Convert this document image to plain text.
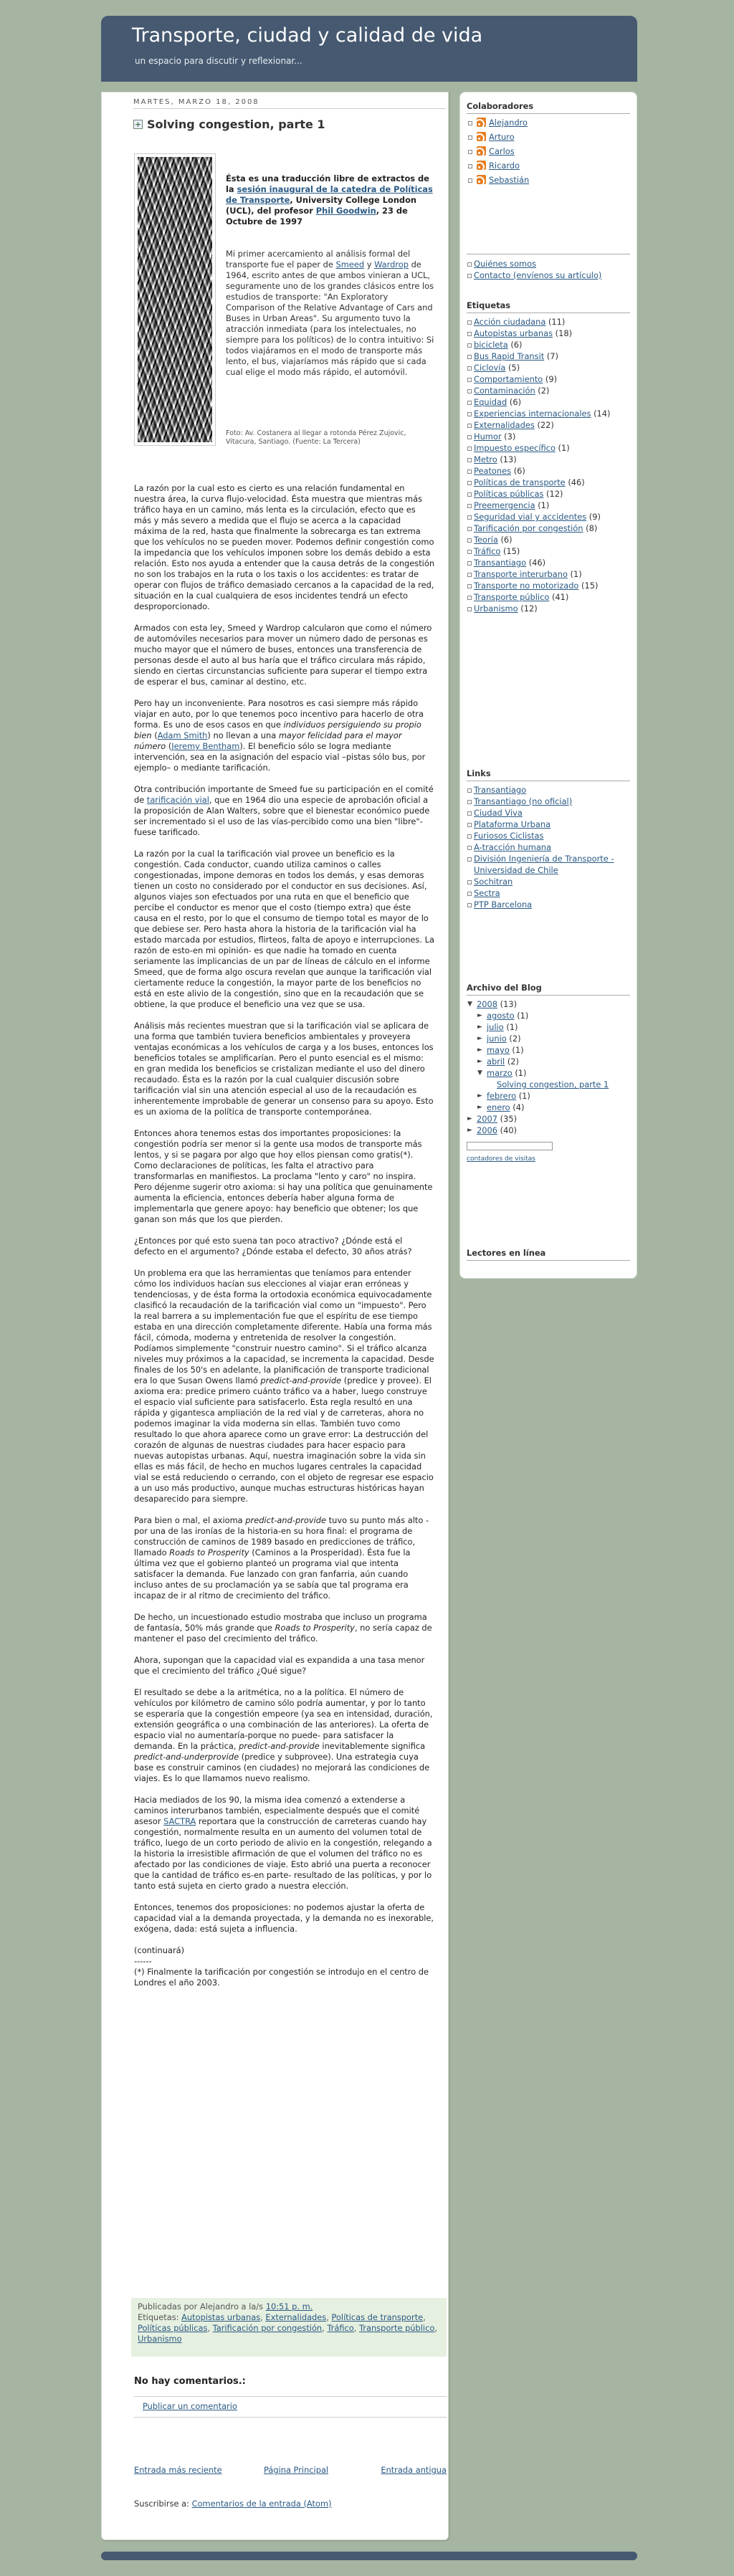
Transporte, ciudad y calidad de vida
un espacio para discutir y reflexionar...
MARTES, MARZO 18, 2008
+ Solving congestion, parte 1
Ésta es una traducción libre de extractos de la sesión inaugural de la catedra de Políticas de Transporte, University College London (UCL), del profesor Phil Goodwin, 23 de Octubre de 1997
Mi primer acercamiento al análisis formal del transporte fue el paper de Smeed y Wardrop de 1964, escrito antes de que ambos vinieran a UCL, seguramente uno de los grandes clásicos entre los estudios de transporte: "An Exploratory Comparison of the Relative Advantage of Cars and Buses in Urban Areas". Su argumento tuvo la atracción inmediata (para los intelectuales, no siempre para los políticos) de lo contra intuitivo: Si todos viajáramos en el modo de transporte más lento, el bus, viajaríamos más rápido que si cada cual elige el modo más rápido, el automóvil.
Foto: Av. Costanera al llegar a rotonda Pérez Zujovic, Vitacura, Santiago. (Fuente: La Tercera)

La razón por la cual esto es cierto es una relación fundamental en nuestra área, la curva flujo-velocidad. Ésta muestra que mientras más tráfico haya en un camino, más lenta es la circulación, efecto que es más y más severo a medida que el flujo se acerca a la capacidad máxima de la red, hasta que finalmente la sobrecarga es tan extrema que los vehículos no se pueden mover. Podemos definir congestión como la impedancia que los vehículos imponen sobre los demás debido a esta relación. Esto nos ayuda a entender que la causa detrás de la congestión no son los trabajos en la ruta o los taxis o los accidentes: es tratar de operar con flujos de tráfico demasiado cercanos a la capacidad de la red, situación en la cual cualquiera de esos incidentes tendrá un efecto desproporcionado.

Armados con esta ley, Smeed y Wardrop calcularon que como el número de automóviles necesarios para mover un número dado de personas es mucho mayor que el número de buses, entonces una transferencia de personas desde el auto al bus haría que el tráfico circulara más rápido, siendo en ciertas circunstancias suficiente para superar el tiempo extra de esperar el bus, caminar al destino, etc.

Pero hay un inconveniente. Para nosotros es casi siempre más rápido viajar en auto, por lo que tenemos poco incentivo para hacerlo de otra forma. Es uno de esos casos en que individuos persiguiendo su propio bien (Adam Smith) no llevan a una mayor felicidad para el mayor número (Jeremy Bentham). El beneficio sólo se logra mediante intervención, sea en la asignación del espacio vial –pistas sólo bus, por ejemplo– o mediante tarificación.

Otra contribución importante de Smeed fue su participación en el comité de tarificación vial, que en 1964 dio una especie de aprobación oficial a la proposición de Alan Walters, sobre que el bienestar económico puede ser incrementado si el uso de las vías-percibido como una bien "libre"-fuese tarificado.

La razón por la cual la tarificación vial provee un beneficio es la congestión. Cada conductor, cuando utiliza caminos o calles congestionadas, impone demoras en todos los demás, y esas demoras tienen un costo no considerado por el conductor en sus decisiones. Así, algunos viajes son efectuados por una ruta en que el beneficio que percibe el conductor es menor que el costo (tiempo extra) que éste causa en el resto, por lo que el consumo de tiempo total es mayor de lo que debiese ser. Pero hasta ahora la historia de la tarificación vial ha estado marcada por estudios, flirteos, falta de apoyo e interrupciones. La razón de esto-en mi opinión- es que nadie ha tomado en cuenta seriamente las implicancias de un par de líneas de cálculo en el informe Smeed, que de forma algo oscura revelan que aunque la tarificación vial ciertamente reduce la congestión, la mayor parte de los beneficios no está en este alivio de la congestión, sino que en la recaudación que se obtiene, la que produce el beneficio una vez que se usa.

Análisis más recientes muestran que si la tarificación vial se aplicara de una forma que también tuviera beneficios ambientales y proveyera ventajas económicas a los vehículos de carga y a los buses, entonces los beneficios totales se amplificarían. Pero el punto esencial es el mismo: en gran medida los beneficios se cristalizan mediante el uso del dinero recaudado. Ésta es la razón por la cual cualquier discusión sobre tarificación vial sin una atención especial al uso de la recaudación es inherentemente improbable de generar un consenso para su apoyo. Esto es un axioma de la política de transporte contemporánea.

Entonces ahora tenemos estas dos importantes proposiciones: la congestión podría ser menor si la gente usa modos de transporte más lentos, y si se pagara por algo que hoy ellos piensan como gratis(*). Como declaraciones de políticas, les falta el atractivo para transformarlas en manifiestos. La proclama "lento y caro" no inspira. Pero déjenme sugerir otro axioma: si hay una política que genuinamente aumenta la eficiencia, entonces debería haber alguna forma de implementarla que genere apoyo: hay beneficio que obtener; los que ganan son más que los que pierden.

¿Entonces por qué esto suena tan poco atractivo? ¿Dónde está el defecto en el argumento? ¿Dónde estaba el defecto, 30 años atrás?

Un problema era que las herramientas que teníamos para entender cómo los individuos hacían sus elecciones al viajar eran erróneas y tendenciosas, y de ésta forma la ortodoxia económica equivocadamente clasificó la recaudación de la tarificación vial como un "impuesto". Pero la real barrera a su implementación fue que el espíritu de ese tiempo estaba en una dirección completamente diferente. Había una forma más fácil, cómoda, moderna y entretenida de resolver la congestión. Podíamos simplemente "construir nuestro camino". Si el tráfico alcanza niveles muy próximos a la capacidad, se incrementa la capacidad. Desde finales de los 50's en adelante, la planificación de transporte tradicional era lo que Susan Owens llamó predict-and-provide (predice y provee). El axioma era: predice primero cuánto tráfico va a haber, luego construye el espacio vial suficiente para satisfacerlo. Esta regla resultó en una rápida y gigantesca ampliación de la red vial y de carreteras, ahora no podemos imaginar la vida moderna sin ellas. También tuvo como resultado lo que ahora aparece como un grave error: La destrucción del corazón de algunas de nuestras ciudades para hacer espacio para nuevas autopistas urbanas. Aquí, nuestra imaginación sobre la vida sin ellas es más fácil, de hecho en muchos lugares centrales la capacidad vial se está reduciendo o cerrando, con el objeto de regresar ese espacio a un uso más productivo, aunque muchas estructuras históricas hayan desaparecido para siempre.

Para bien o mal, el axioma predict-and-provide tuvo su punto más alto -por una de las ironías de la historia-en su hora final: el programa de construcción de caminos de 1989 basado en predicciones de tráfico, llamado Roads to Prosperity (Caminos a la Prosperidad). Ésta fue la última vez que el gobierno planteó un programa vial que intenta satisfacer la demanda. Fue lanzado con gran fanfarria, aún cuando incluso antes de su proclamación ya se sabía que tal programa era incapaz de ir al ritmo de crecimiento del tráfico.

De hecho, un incuestionado estudio mostraba que incluso un programa de fantasía, 50% más grande que Roads to Prosperity, no sería capaz de mantener el paso del crecimiento del tráfico.

Ahora, supongan que la capacidad vial es expandida a una tasa menor que el crecimiento del tráfico ¿Qué sigue?

El resultado se debe a la aritmética, no a la política. El número de vehículos por kilómetro de camino sólo podría aumentar, y por lo tanto se esperaría que la congestión empeore (ya sea en intensidad, duración, extensión geográfica o una combinación de las anteriores). La oferta de espacio vial no aumentaría-porque no puede- para satisfacer la demanda. En la práctica, predict-and-provide inevitablemente significa predict-and-underprovide (predice y subprovee). Una estrategia cuya base es construir caminos (en ciudades) no mejorará las condiciones de viajes. Es lo que llamamos nuevo realismo.

Hacia mediados de los 90, la misma idea comenzó a extenderse a caminos interurbanos también, especialmente después que el comité asesor SACTRA reportara que la construcción de carreteras cuando hay congestión, normalmente resulta en un aumento del volumen total de tráfico, luego de un corto periodo de alivio en la congestión, relegando a la historia la irresistible afirmación de que el volumen del tráfico no es afectado por las condiciones de viaje. Esto abrió una puerta a reconocer que la cantidad de tráfico es-en parte- resultado de las políticas, y por lo tanto está sujeta en cierto grado a nuestra elección.

Entonces, tenemos dos proposiciones: no podemos ajustar la oferta de capacidad vial a la demanda proyectada, y la demanda no es inexorable, exógena, dada: está sujeta a influencia.

(continuará)
------
(*) Finalmente la tarificación por congestión se introdujo en el centro de Londres el año 2003.

Publicadas por Alejandro a la/s 10:51 p. m.
Etiquetas: Autopistas urbanas, Externalidades, Políticas de transporte, Políticas públicas, Tarificación por congestión, Tráfico, Transporte público, Urbanismo
No hay comentarios.:
Publicar un comentario
Entrada más reciente	Página Principal	Entrada antigua
Suscribirse a: Comentarios de la entrada (Atom)
Colaboradores
Alejandro
Arturo
Carlos
Ricardo
Sebastián
Quiénes somos
Contacto (envíenos su artículo)
Etiquetas
Acción ciudadana (11)
Autopistas urbanas (18)
bicicleta (6)
Bus Rapid Transit (7)
Ciclovía (5)
Comportamiento (9)
Contaminación (2)
Equidad (6)
Experiencias internacionales (14)
Externalidades (22)
Humor (3)
Impuesto específico (1)
Metro (13)
Peatones (6)
Políticas de transporte (46)
Políticas públicas (12)
Preemergencia (1)
Seguridad vial y accidentes (9)
Tarificación por congestión (8)
Teoría (6)
Tráfico (15)
Transantiago (46)
Transporte interurbano (1)
Transporte no motorizado (15)
Transporte público (41)
Urbanismo (12)
Links
Transantiago
Transantiago (no oficial)
Ciudad Viva
Plataforma Urbana
Furiosos Ciclistas
A-tracción humana
División Ingeniería de Transporte - Universidad de Chile
Sochitran
Sectra
PTP Barcelona
Archivo del Blog
▼ 2008 (13)
► agosto (1)
► julio (1)
► junio (2)
► mayo (1)
► abril (2)
▼ marzo (1)
Solving congestion, parte 1
► febrero (1)
► enero (4)
► 2007 (35)
► 2006 (40)
contadores de visitas
Lectores en línea
